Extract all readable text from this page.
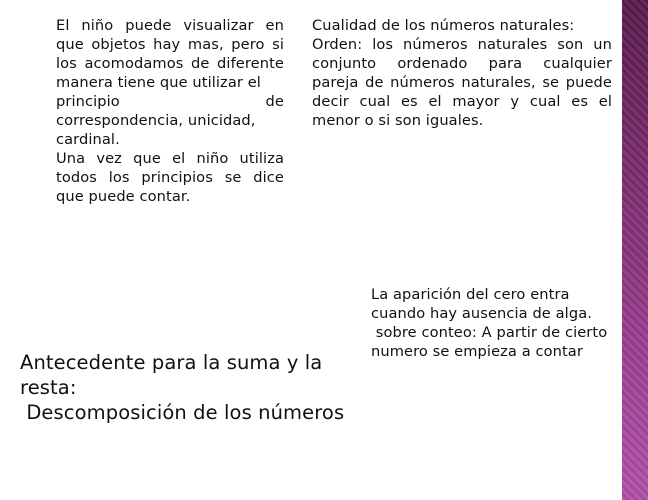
El niño puede visualizar en que objetos hay mas, pero si los acomodamos de diferente manera tiene que utilizar el

principio	de

correspondencia, unicidad, cardinal.

Una vez que el niño utiliza todos los principios se dice que puede contar.

Cualidad de los números naturales:

Orden: los números naturales son un conjunto ordenado para cualquier pareja de números naturales, se puede decir cual es el mayor y cual es el menor o si son iguales.

La aparición del cero entra cuando hay ausencia de alga.

sobre conteo: A partir de cierto numero se empieza a contar

Antecedente para la suma y la resta:

Descomposición de los números
